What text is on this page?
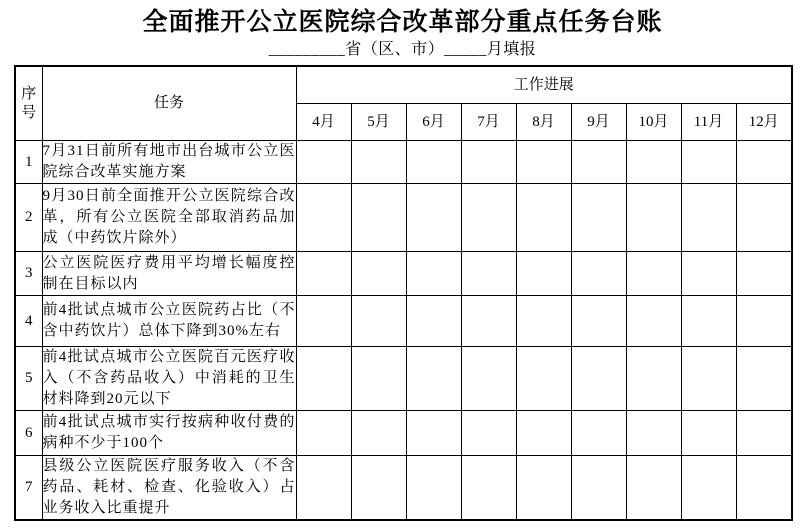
全面推开公立医院综合改革部分重点任务台账
_________省（区、市）_____月填报
序号	任务	工作进展								
		4月	5月	6月	7月	8月	9月	10月	11月	12月
1	7月31日前所有地市出台城市公立医院综合改革实施方案									
2	9月30日前全面推开公立医院综合改革，所有公立医院全部取消药品加成（中药饮片除外）									
3	公立医院医疗费用平均增长幅度控制在目标以内									
4	前4批试点城市公立医院药占比（不含中药饮片）总体下降到30%左右									
5	前4批试点城市公立医院百元医疗收入（不含药品收入）中消耗的卫生材料降到20元以下									
6	前4批试点城市实行按病种收付费的病种不少于100个									
7	县级公立医院医疗服务收入（不含药品、耗材、检查、化验收入）占业务收入比重提升									
